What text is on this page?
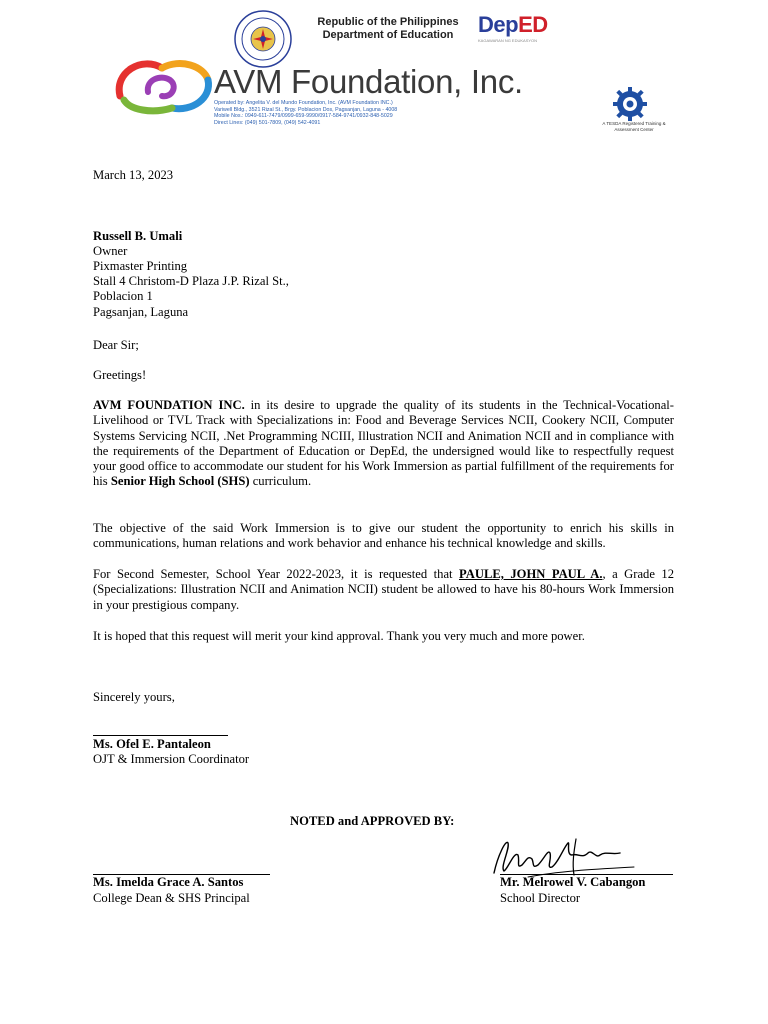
Republic of the Philippines
Department of Education	DepED
KAGAWARAN NG EDUKASYON
AVM Foundation, Inc.
Operated by: Angelita V. del Mundo Foundation, Inc. (AVM Foundation INC.)
Variwell Bldg., 3521 Rizal St., Brgy. Poblacion Dos, Pagsanjan, Laguna - 4008
Mobile Nos.: 0949-611-7479/0999-659-9990/0917-584-9741/0932-848-5029
Direct Lines: (049) 501-7809, (049) 542-4091	A TESDA Registered Training & Assessment Center
March 13, 2023
Russell B. Umali
Owner
Pixmaster Printing
Stall 4 Christom-D Plaza J.P. Rizal St.,
Poblacion 1
Pagsanjan, Laguna
Dear Sir;
Greetings!
AVM FOUNDATION INC. in its desire to upgrade the quality of its students in the Technical-Vocational-Livelihood or TVL Track with Specializations in: Food and Beverage Services NCII, Cookery NCII, Computer Systems Servicing NCII, .Net Programming NCIII, Illustration NCII and Animation NCII and in compliance with the requirements of the Department of Education or DepEd, the undersigned would like to respectfully request your good office to accommodate our student for his Work Immersion as partial fulfillment of the requirements for his Senior High School (SHS) curriculum.
The objective of the said Work Immersion is to give our student the opportunity to enrich his skills in communications, human relations and work behavior and enhance his technical knowledge and skills.
For Second Semester, School Year 2022-2023, it is requested that PAULE, JOHN PAUL A., a Grade 12 (Specializations: Illustration NCII and Animation NCII) student be allowed to have his 80-hours Work Immersion in your prestigious company.
It is hoped that this request will merit your kind approval. Thank you very much and more power.
Sincerely yours,
Ms. Ofel E. Pantaleon
OJT & Immersion Coordinator
NOTED and APPROVED BY:
Ms. Imelda Grace A. Santos
College Dean & SHS Principal
Mr. Melrowel V. Cabangon
School Director
